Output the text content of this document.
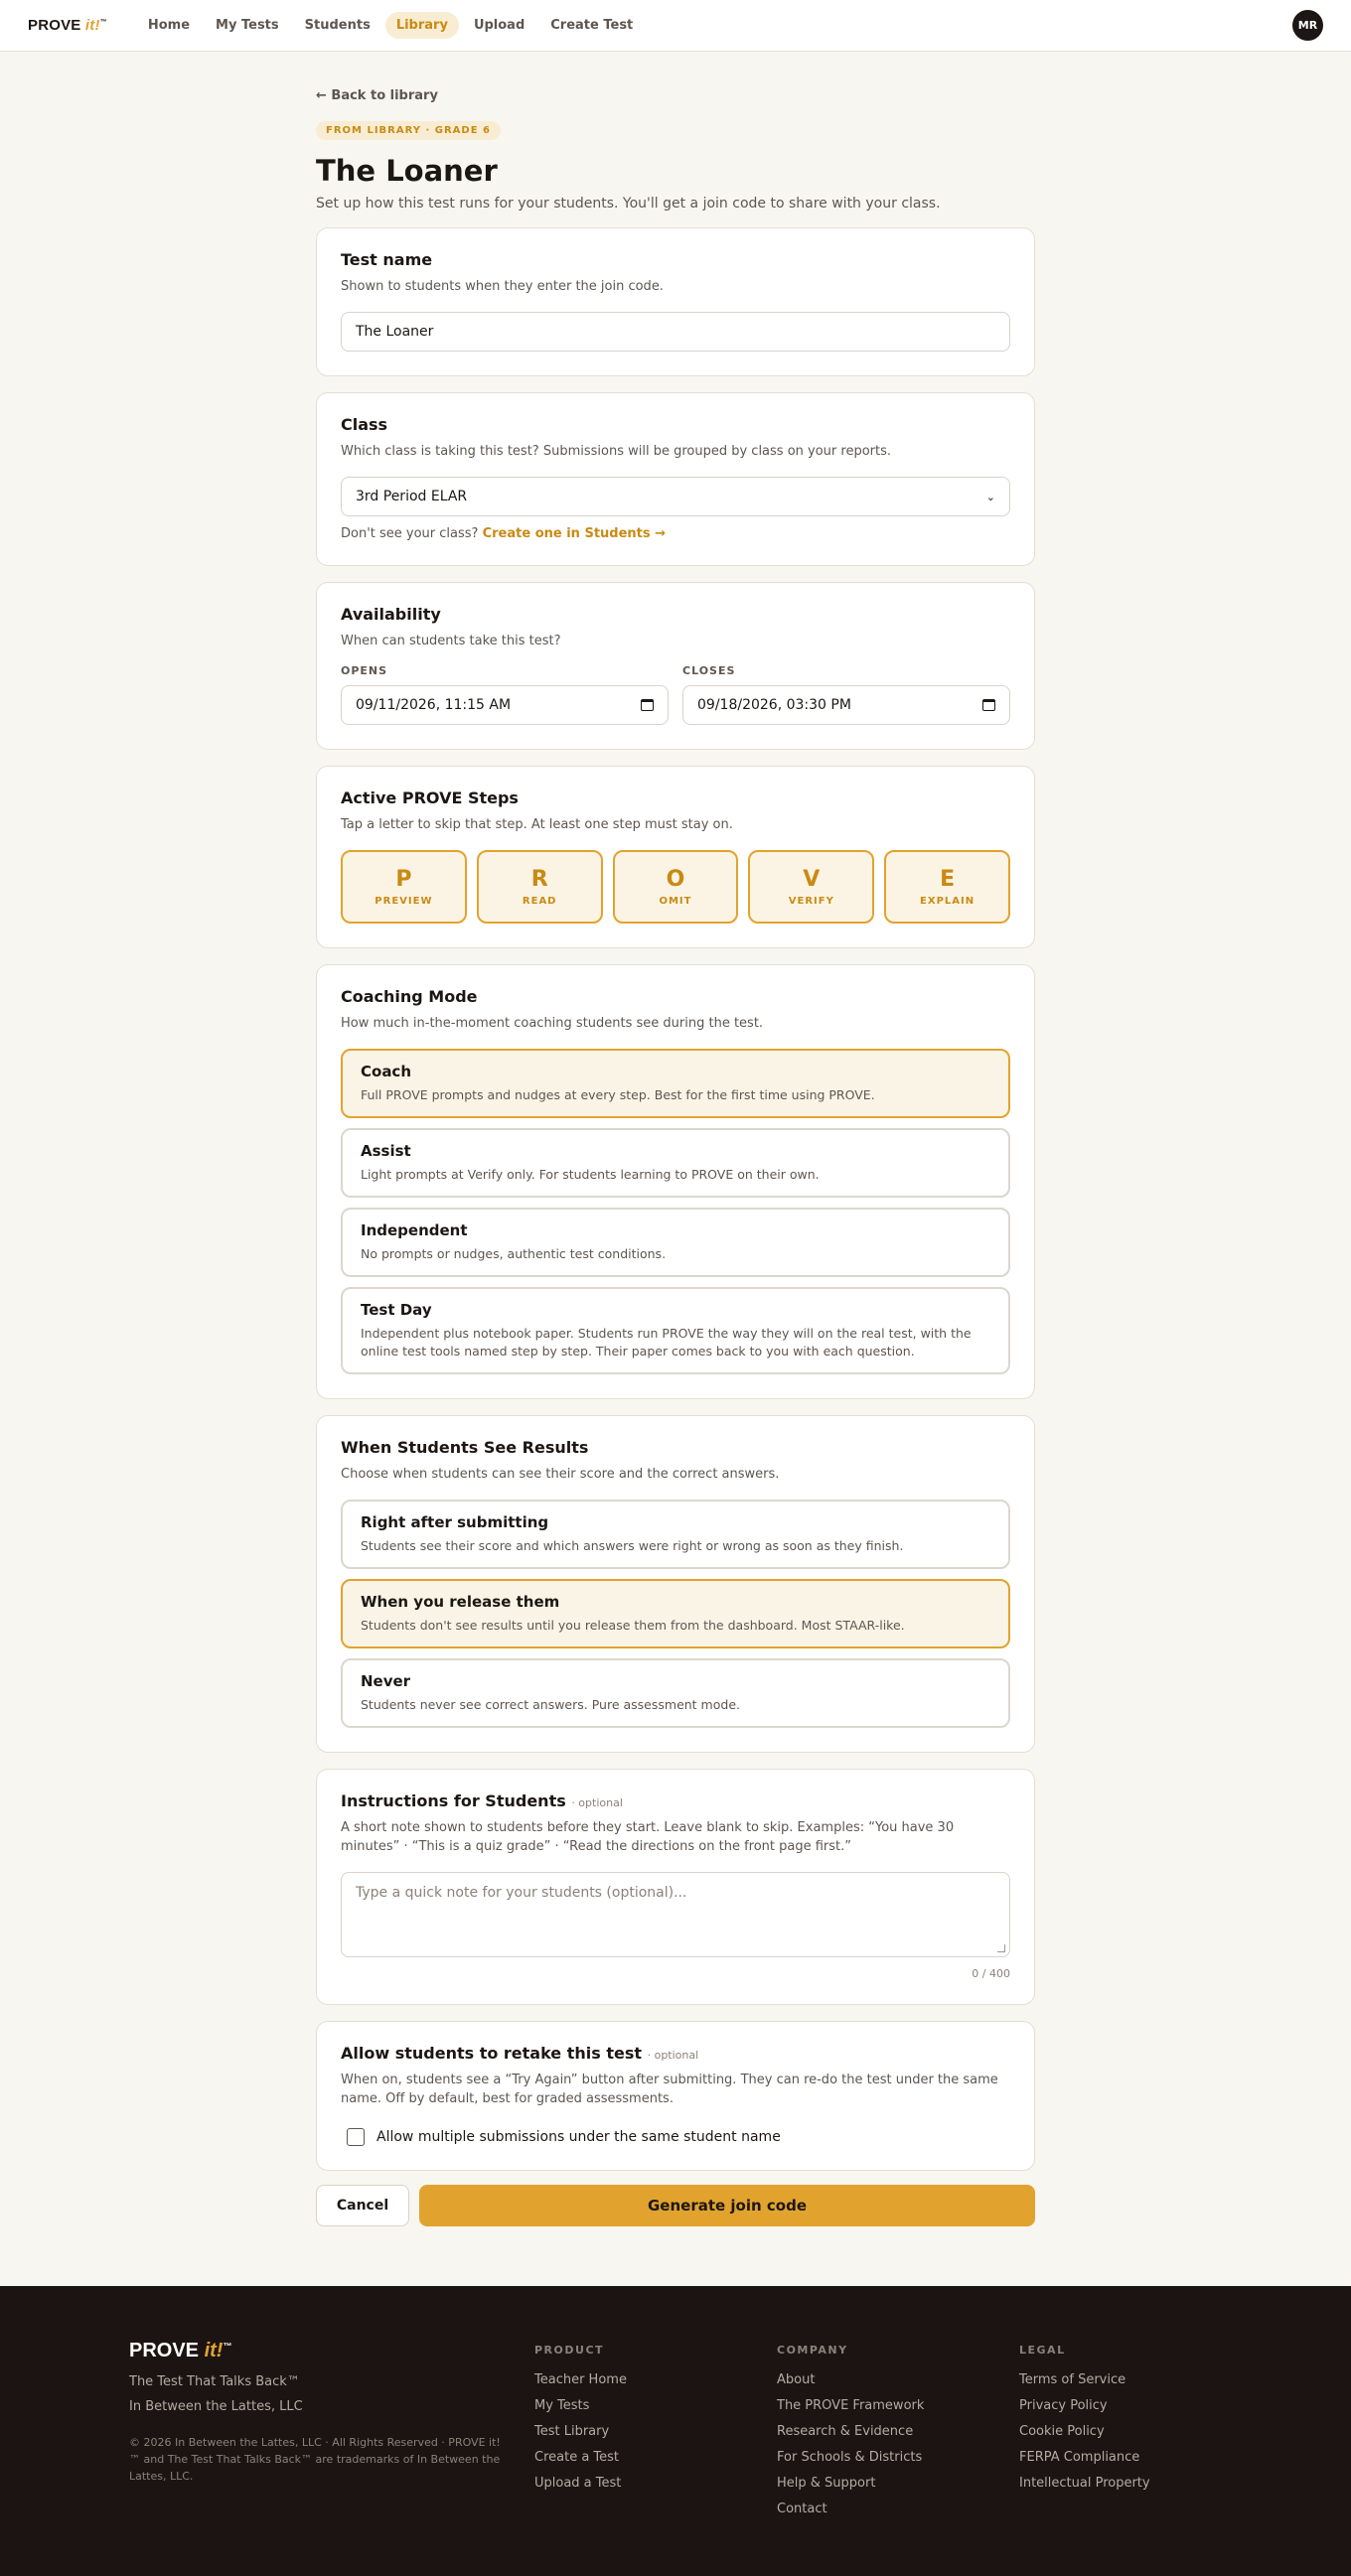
PROVE it!™	Home	My Tests	Students	Library	Upload	Create Test	MR
← Back to library
FROM LIBRARY · GRADE 6
The Loaner

Set up how this test runs for your students. You'll get a join code to share with your class.

Test name

Shown to students when they enter the join code.

The Loaner
Class

Which class is taking this test? Submissions will be grouped by class on your reports.

3rd Period ELAR	⌄

Don't see your class? Create one in Students →

Availability

When can students take this test?

OPENS
09/11/2026, 11:15 AM
CLOSES
09/18/2026, 03:30 PM
Active PROVE Steps

Tap a letter to skip that step. At least one step must stay on.

P
PREVIEW
R
READ
O
OMIT
V
VERIFY
E
EXPLAIN
Coaching Mode

How much in-the-moment coaching students see during the test.

Coach
Full PROVE prompts and nudges at every step. Best for the first time using PROVE.
Assist
Light prompts at Verify only. For students learning to PROVE on their own.
Independent
No prompts or nudges, authentic test conditions.
Test Day
Independent plus notebook paper. Students run PROVE the way they will on the real test, with the online test tools named step by step. Their paper comes back to you with each question.
When Students See Results

Choose when students can see their score and the correct answers.

Right after submitting
Students see their score and which answers were right or wrong as soon as they finish.
When you release them
Students don't see results until you release them from the dashboard. Most STAAR-like.
Never
Students never see correct answers. Pure assessment mode.
Instructions for Students · optional

A short note shown to students before they start. Leave blank to skip. Examples: “You have 30 minutes” · “This is a quiz grade” · “Read the directions on the front page first.”

Type a quick note for your students (optional)...
0 / 400
Allow students to retake this test · optional

When on, students see a “Try Again” button after submitting. They can re-do the test under the same name. Off by default, best for graded assessments.

Allow multiple submissions under the same student name
Cancel	Generate join code
PROVE it!™
The Test That Talks Back™
In Between the Lattes, LLC
© 2026 In Between the Lattes, LLC · All Rights Reserved · PROVE it!™ and The Test That Talks Back™ are trademarks of In Between the Lattes, LLC.
PRODUCT
Teacher Home
My Tests
Test Library
Create a Test
Upload a Test
COMPANY
About
The PROVE Framework
Research & Evidence
For Schools & Districts
Help & Support
Contact
LEGAL
Terms of Service
Privacy Policy
Cookie Policy
FERPA Compliance
Intellectual Property
